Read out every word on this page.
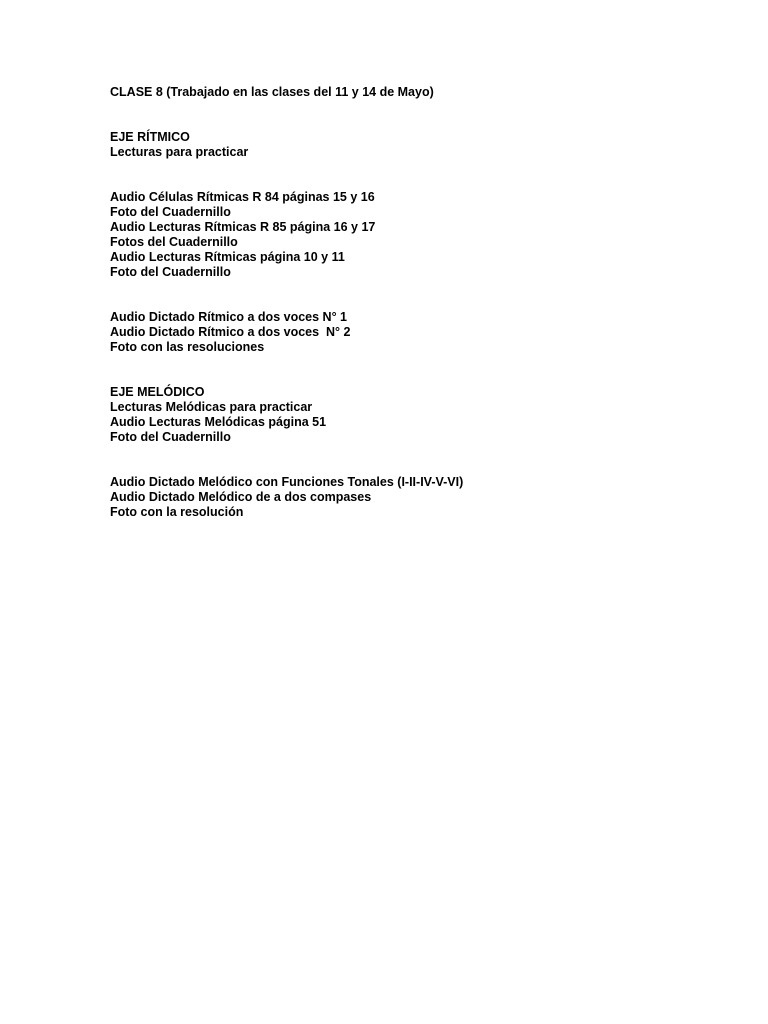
CLASE 8 (Trabajado en las clases del 11 y 14 de Mayo)
EJE RÍTMICO
Lecturas para practicar
Audio Células Rítmicas R 84 páginas 15 y 16
Foto del Cuadernillo
Audio Lecturas Rítmicas R 85 página 16 y 17
Fotos del Cuadernillo
Audio Lecturas Rítmicas página 10 y 11
Foto del Cuadernillo
Audio Dictado Rítmico a dos voces N° 1
Audio Dictado Rítmico a dos voces  N° 2
Foto con las resoluciones
EJE MELÓDICO
Lecturas Melódicas para practicar
Audio Lecturas Melódicas página 51
Foto del Cuadernillo
Audio Dictado Melódico con Funciones Tonales (I-II-IV-V-VI)
Audio Dictado Melódico de a dos compases
Foto con la resolución
